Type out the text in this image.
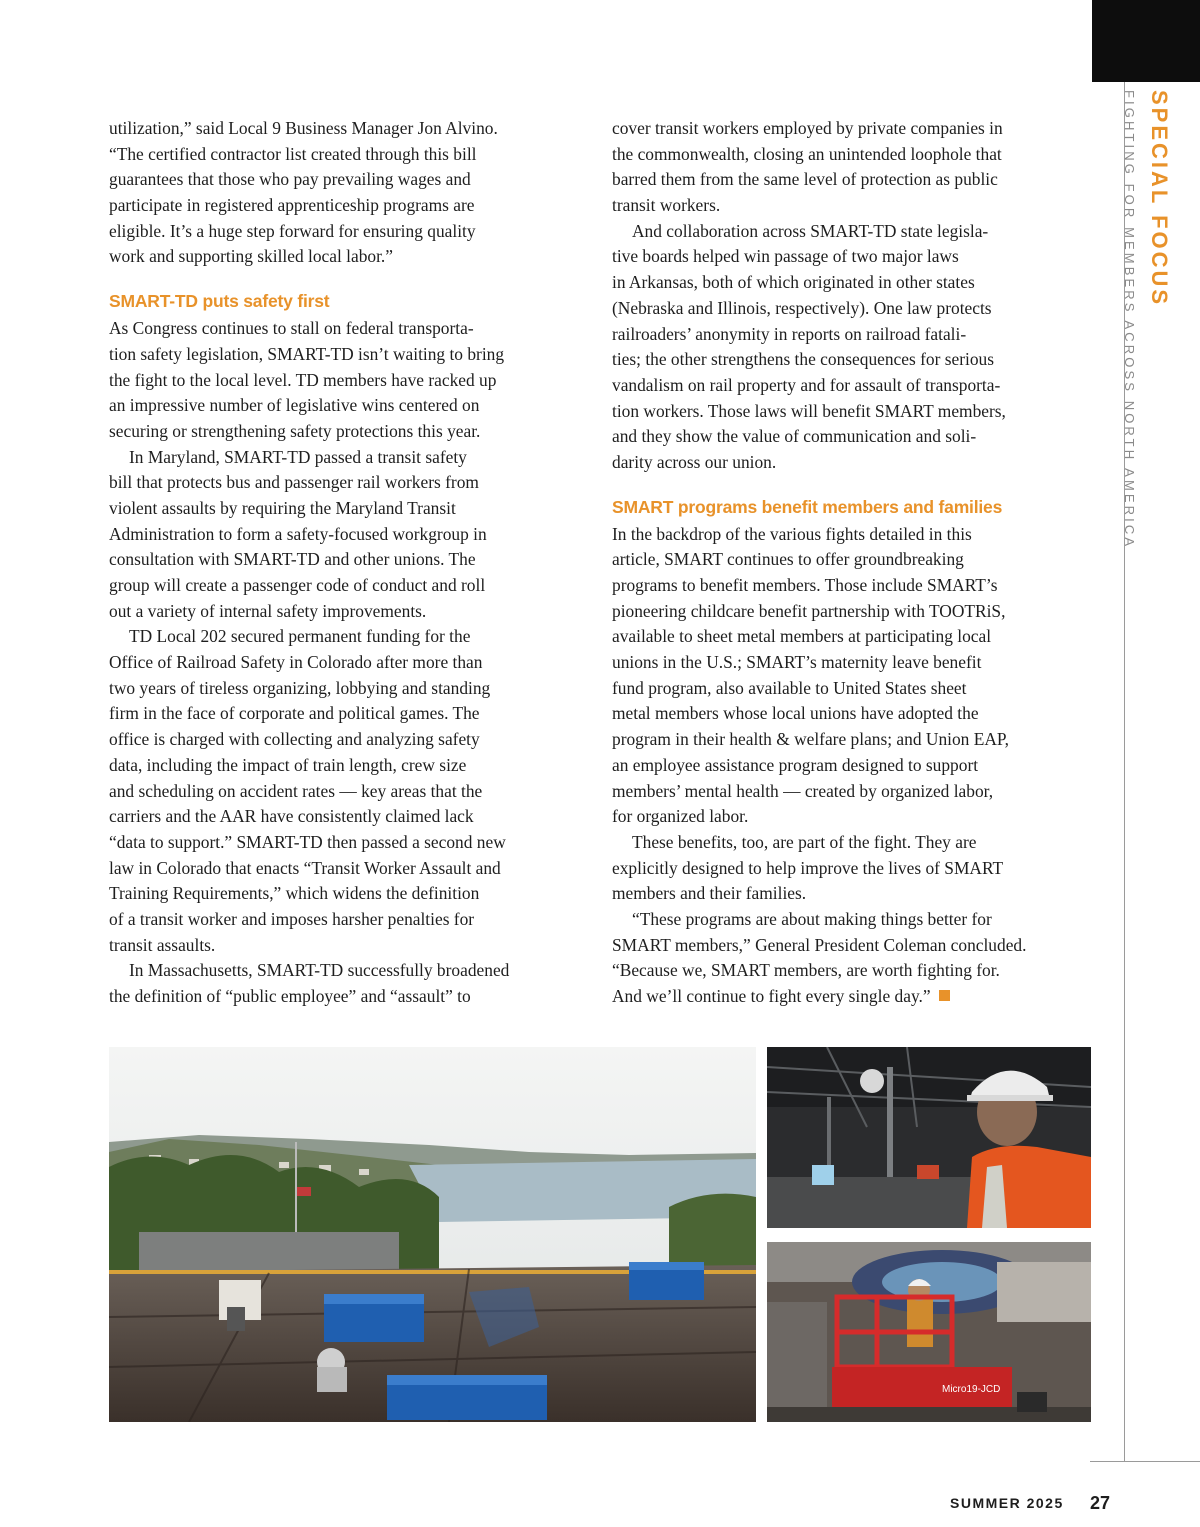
SPECIAL FOCUS
FIGHTING FOR MEMBERS ACROSS NORTH AMERICA
utilization,” said Local 9 Business Manager Jon Alvino.
“The certified contractor list created through this bill
guarantees that those who pay prevailing wages and
participate in registered apprenticeship programs are
eligible. It’s a huge step forward for ensuring quality
work and supporting skilled local labor.”
SMART-TD puts safety first
As Congress continues to stall on federal transporta-
tion safety legislation, SMART-TD isn’t waiting to bring
the fight to the local level. TD members have racked up
an impressive number of legislative wins centered on
securing or strengthening safety protections this year.
In Maryland, SMART-TD passed a transit safety
bill that protects bus and passenger rail workers from
violent assaults by requiring the Maryland Transit
Administration to form a safety-focused workgroup in
consultation with SMART-TD and other unions. The
group will create a passenger code of conduct and roll
out a variety of internal safety improvements.
TD Local 202 secured permanent funding for the
Office of Railroad Safety in Colorado after more than
two years of tireless organizing, lobbying and standing
firm in the face of corporate and political games. The
office is charged with collecting and analyzing safety
data, including the impact of train length, crew size
and scheduling on accident rates — key areas that the
carriers and the AAR have consistently claimed lack
“data to support.” SMART-TD then passed a second new
law in Colorado that enacts “Transit Worker Assault and
Training Requirements,” which widens the definition
of a transit worker and imposes harsher penalties for
transit assaults.
In Massachusetts, SMART-TD successfully broadened
the definition of “public employee” and “assault” to
cover transit workers employed by private companies in
the commonwealth, closing an unintended loophole that
barred them from the same level of protection as public
transit workers.
And collaboration across SMART-TD state legisla-
tive boards helped win passage of two major laws
in Arkansas, both of which originated in other states
(Nebraska and Illinois, respectively). One law protects
railroaders’ anonymity in reports on railroad fatali-
ties; the other strengthens the consequences for serious
vandalism on rail property and for assault of transporta-
tion workers. Those laws will benefit SMART members,
and they show the value of communication and soli-
darity across our union.
SMART programs benefit members and families
In the backdrop of the various fights detailed in this
article, SMART continues to offer groundbreaking
programs to benefit members. Those include SMART’s
pioneering childcare benefit partnership with TOOTRiS,
available to sheet metal members at participating local
unions in the U.S.; SMART’s maternity leave benefit
fund program, also available to United States sheet
metal members whose local unions have adopted the
program in their health & welfare plans; and Union EAP,
an employee assistance program designed to support
members’ mental health — created by organized labor,
for organized labor.
These benefits, too, are part of the fight. They are
explicitly designed to help improve the lives of SMART
members and their families.
“These programs are about making things better for
SMART members,” General President Coleman concluded.
“Because we, SMART members, are worth fighting for.
And we’ll continue to fight every single day.”
Micro19-JCD
SUMMER 2025 27
